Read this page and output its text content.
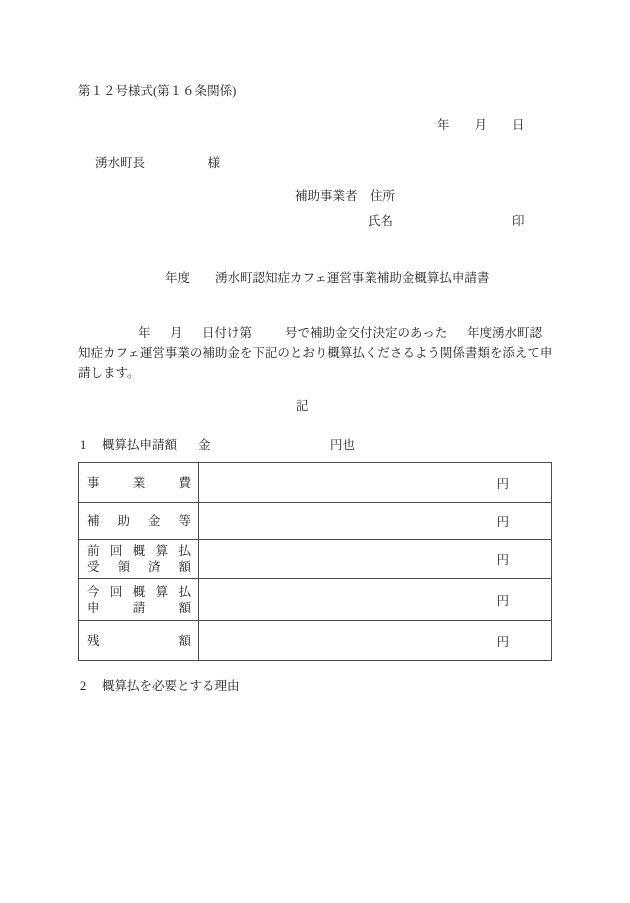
第１２号様式(第１６条関係)
年　　月　　日
湧水町長　　　　　様
補助事業者　住所
氏名	印
年度　　湧水町認知症カフェ運営事業補助金概算払申請書
年 月 日付け第	号で補助金交付決定のあった 年度湧水町認
知症カフェ運営事業の補助金を下記のとおり概算払くださるよう関係書類を添えて申
請します。
記
1 概算払申請額 金	円也
事業費	円
補助金等	円
前回概算払
受領済額	円
今回概算払
申請額	円
残額	円
2 概算払を必要とする理由
